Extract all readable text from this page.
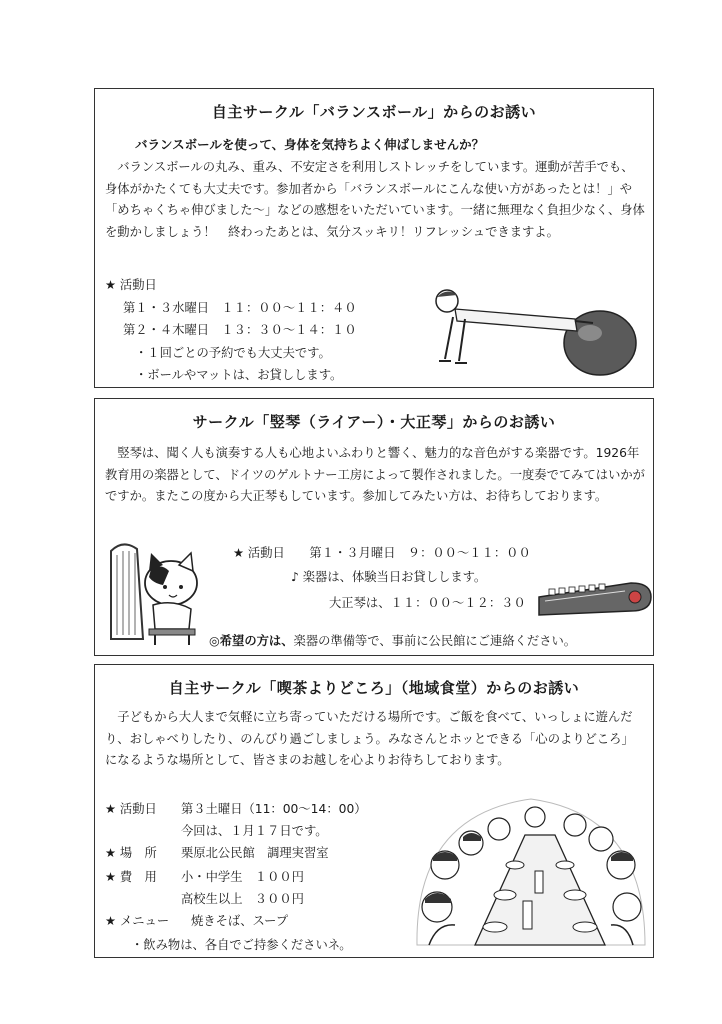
自主サークル「バランスボール」からのお誘い
バランスボールを使って、身体を気持ちよく伸ばしませんか？
バランスボールの丸み、重み、不安定さを利用しストレッチをしています。運動が苦手でも、身体がかたくても大丈夫です。参加者から「バランスボールにこんな使い方があったとは！」や「めちゃくちゃ伸びました～」などの感想をいただいています。一緒に無理なく負担少なく、身体を動かしましょう！　終わったあとは、気分スッキリ！リフレッシュできますよ。
★ 活動日
第１・３水曜日　１１：００～１１：４０
第２・４木曜日　１３：３０～１４：１０
・１回ごとの予約でも大丈夫です。
・ボールやマットは、お貸しします。
サークル「竪琴（ライアー）・大正琴」からのお誘い
竪琴は、聞く人も演奏する人も心地よいふわりと響く、魅力的な音色がする楽器です。1926年教育用の楽器として、ドイツのゲルトナー工房によって製作されました。一度奏でてみてはいかがですか。またこの度から大正琴もしています。参加してみたい方は、お待ちしております。
★ 活動日　　第１・３月曜日　９：００～１１：００
♪ 楽器は、体験当日お貸しします。
大正琴は、１１：００～１２：３０
◎希望の方は、楽器の準備等で、事前に公民館にご連絡ください。
自主サークル「喫茶よりどころ」（地域食堂）からのお誘い
子どもから大人まで気軽に立ち寄っていただける場所です。ご飯を食べて、いっしょに遊んだり、おしゃべりしたり、のんびり過ごしましょう。みなさんとホッとできる「心のよりどころ」になるような場所として、皆さまのお越しを心よりお待ちしております。
★ 活動日 第３土曜日（11：00～14：00）
今回は、１月１７日です。
★ 場　所 栗原北公民館　調理実習室
★ 費　用 小・中学生　１００円
高校生以上　３００円
★ メニュー 焼きそば、スープ
・飲み物は、各自でご持参くださいネ。
